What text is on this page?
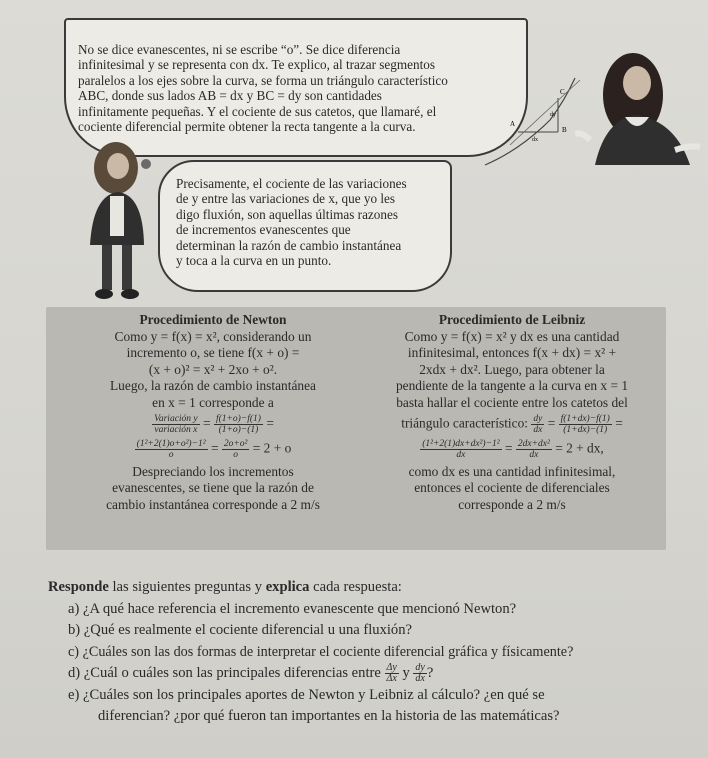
No se dice evanescentes, ni se escribe “o”. Se dice diferencia
infinitesimal y se representa con dx. Te explico, al trazar segmentos
paralelos a los ejes sobre la curva, se forma un triángulo característico
ABC, donde sus lados AB = dx y BC = dy son cantidades
infinitamente pequeñas. Y el cociente de sus catetos, que llamaré, el
cociente diferencial permite obtener la recta tangente a la curva.	A
B
C
dx
dy
Precisamente, el cociente de las variaciones
de y entre las variaciones de x, que yo les
digo fluxión, son aquellas últimas razones
de incrementos evanescentes que
determinan la razón de cambio instantánea
y toca a la curva en un punto.
Procedimiento de Newton
Como y = f(x) = x², considerando un
incremento o, se tiene f(x + o) =
(x + o)² = x² + 2xo + o².
Luego, la razón de cambio instantánea
en x = 1 corresponde a
$\frac{\text{Variación y}}{\text{variación x}} = \frac{f(1+o)-f(1)}{(1+o)-(1)}$ =
$\frac{\text{(1²+2(1)o+o²)−1²}}{o} = \frac{\text{2o+o²}}{o} = 2 + o$
Despreciando los incrementos
evanescentes, se tiene que la razón de
cambio instantánea corresponde a 2 m/s
Procedimiento de Leibniz
Como y = f(x) = x² y dx es una cantidad
infinitesimal, entonces f(x + dx) = x² +
2xdx + dx². Luego, para obtener la
pendiente de la tangente a la curva en x = 1
basta hallar el cociente entre los catetos del
triángulo característico: $\frac{dy}{dx} = \frac{f(1+dx)-f(1)}{(1+dx)-(1)}$ =
$\frac{\text{(1²+2(1)dx+dx²)−1²}}{dx} = \frac{\text{2dx+dx²}}{dx} = 2$ + dx,
como dx es una cantidad infinitesimal,
entonces el cociente de diferenciales
corresponde a 2 m/s
Responde las siguientes preguntas y explica cada respuesta:
a) ¿A qué hace referencia el incremento evanescente que mencionó Newton?
b) ¿Qué es realmente el cociente diferencial u una fluxión?
c) ¿Cuáles son las dos formas de interpretar el cociente diferencial gráfica y físicamente?
d) ¿Cuál o cuáles son las principales diferencias entre $\frac{\Delta y}{\Delta x}$ y $\frac{dy}{dx}$ ?
e) ¿Cuáles son los principales aportes de Newton y Leibniz al cálculo? ¿en qué se
diferencian? ¿por qué fueron tan importantes en la historia de las matemáticas?
